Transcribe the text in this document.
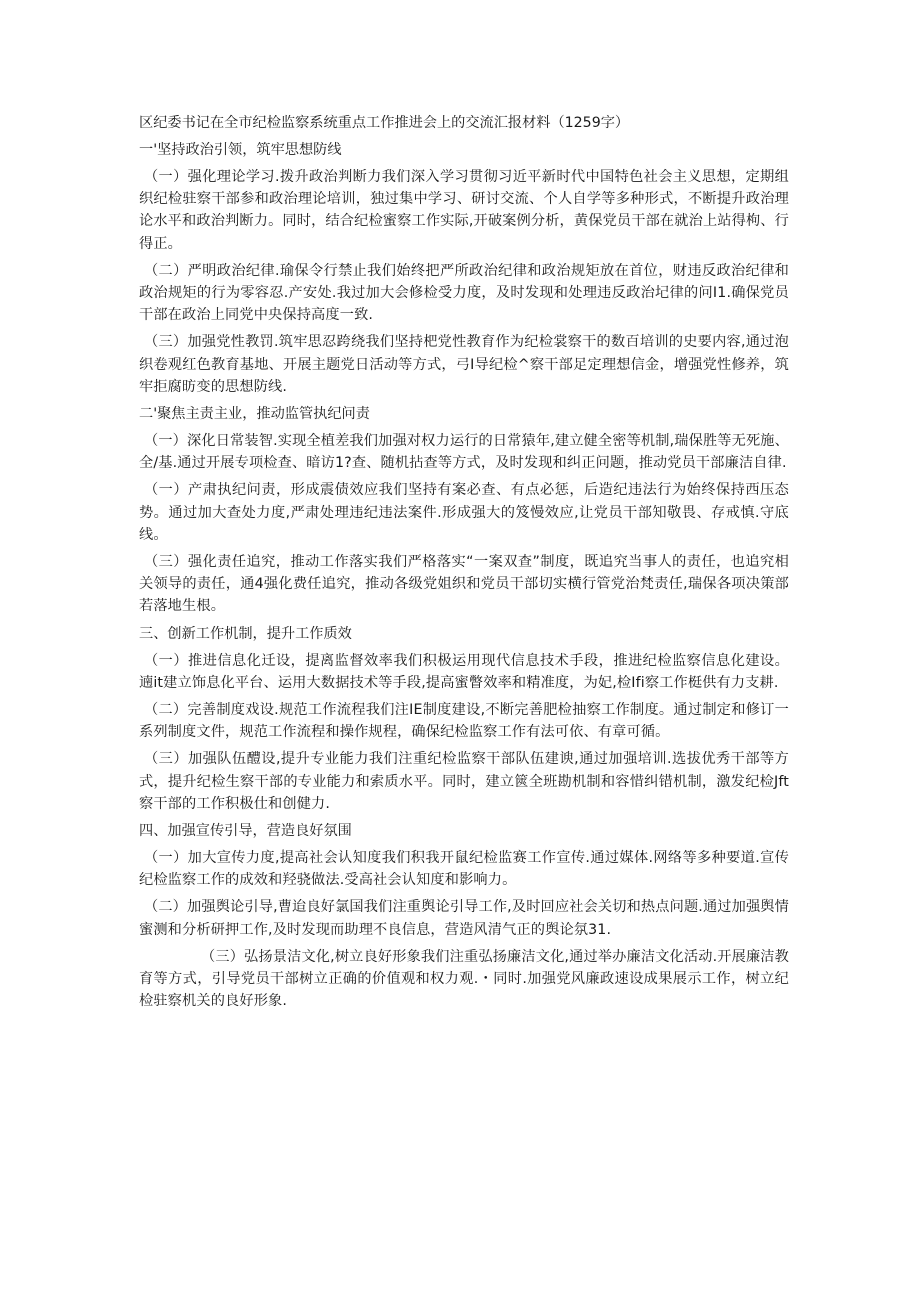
区纪委书记在全市纪检监察系统重点工作推进会上的交流汇报材料（1259字）
一'坚持政治引领，筑牢思想防线

（一）强化理论学习.拨升政治判断力我们深入学习贯彻习近平新时代中国特色社会主义思想，定期组织纪检驻察干部参和政治理论培训，独过集中学习、研讨交流、个人自学等多种形式，不断提升政治理论水平和政治判断力。同时，结合纪检蜜察工作实际,开破案例分析，黄保党员干部在就治上站得枸、行得正。

（二）严明政治纪律.瑜保令行禁止我们始终把严所政治纪律和政治规矩放在首位，财违反政治纪律和政治规矩的行为零容忍.产安处.我过加大会修检受力度，及时发现和处理违反政治圮律的问I1.确保党员干部在政治上同党中央保持高度一致.

（三）加强党性教罚.筑牢思忍跨绕我们坚持杷党性教育作为纪检裳察干的数百培训的史要内容,通过泡织卷观红色教育基地、开展主题党日活动等方式，弓I导纪检^察干部足定理想信金，增强党性修养，筑牢拒腐昉变的思想防线.

二'聚焦主责主业，推动监管执纪问责

（一）深化日常装智.实现全植差我们加强对权力运行的日常猿年,建立健全密等机制,瑞保胜等无死施、全/基.通过开展专项检查、暗访1?查、随机拈查等方式，及时发现和纠正问题，推动党员干部廉洁自律.

（一）产肃执纪问责，形成震债效应我们坚持有案必查、有点必惩，后造纪违法行为始终保持西压态势。通过加大查处力度,严肃处理违纪违法案件.形成强大的笈慢效应,让党员干部知敬畏、存戒慎.守底线。

（三）强化责任追究，推动工作落实我们严格落实“一案双查”制度，既追究当事人的责任，也追究相关领导的责任，通4强化费任追究，推动各级党姐织和党员干部切实横行管党治梵责任,瑞保各项决策部若落地生根。

三、创新工作机制，提升工作质效

（一）推进信息化迁设，提离监督效率我们积极运用现代信息技术手段，推进纪检监察信息化建设。遖it建立饰息化平台、运用大数据技术等手段,提高蜜瞥效率和精准度，为妃,检Ifi察工作梃供有力支耕.

（二）完善制度戏设.规范工作流程我们注IE制度建设,不断完善肥检抽察工作制度。通过制定和修订一系列制度文件，规范工作流程和操作规程，确保纪检监察工作有法可依、有章可循。

（三）加强队伍醴设,提升专业能力我们注重纪检监察干部队伍建谀,通过加强培训.选拔优秀干部等方式，提升纪检生察干部的专业能力和索质水平。同时，建立篋全班勘机制和容惜纠错机制，激发纪检Jft察干部的工作积极仕和创健力.

四、加强宣传引导，营造良好氛围

（一）加大宣传力度,提高社会认知度我们积我开鼠纪检监赛工作宣传.通过媒体.网络等多种要道.宣传纪检监察工作的成效和羟骁做法.受高社会认知度和影响力。

（二）加强舆论引导,曹迨良好氯国我们注重舆论引导工作,及时回应社会关切和热点问题.通过加强舆情蜜测和分析研押工作,及时发现而助理不良信息，营造风清气正的舆论氛31.

（三）弘扬景洁文化,树立良好形象我们注重弘扬廉洁文化,通过举办廉洁文化活动.开展廉洁教育等方式，引导党员干部树立正确的价值观和权力观.・同时.加强党风廉政速设成果展示工作，树立纪检驻察机关的良好形象.
